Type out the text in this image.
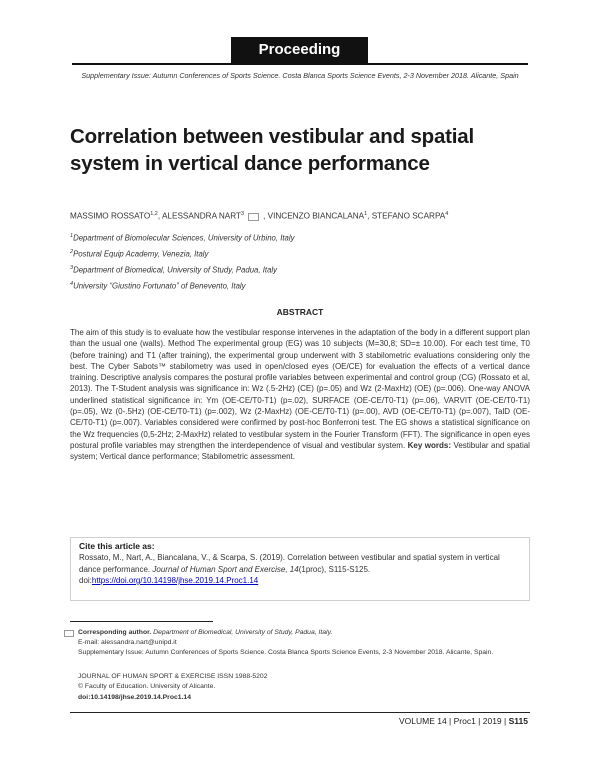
Proceeding
Supplementary Issue: Autumn Conferences of Sports Science. Costa Blanca Sports Science Events, 2-3 November 2018. Alicante, Spain
Correlation between vestibular and spatial system in vertical dance performance
MASSIMO ROSSATO$^{1,2}$, ALESSANDRA NART$^3$ , VINCENZO BIANCALANA$^1$, STEFANO SCARPA$^4$
$^1$Department of Biomolecular Sciences, University of Urbino, Italy
$^2$Postural Equip Academy, Venezia, Italy
$^3$Department of Biomedical, University of Study, Padua, Italy
$^4$University “Giustino Fortunato” of Benevento, Italy
ABSTRACT
The aim of this study is to evaluate how the vestibular response intervenes in the adaptation of the body in a different support plan than the usual one (walls). Method The experimental group (EG) was 10 subjects (M=30,8; SD=± 10.00). For each test time, T0 (before training) and T1 (after training), the experimental group underwent with 3 stabilometric evaluations considering only the best. The Cyber Sabots™ stabilometry was used in open/closed eyes (OE/CE) for evaluation the effects of a vertical dance training. Descriptive analysis compares the postural profile variables between experimental and control group (CG) (Rossato et al, 2013). The T-Student analysis was significance in: Wz (.5-2Hz) (CE) (p=.05) and Wz (2-MaxHz) (OE) (p=.006). One-way ANOVA underlined statistical significance in: Ym (OE-CE/T0-T1) (p=.02), SURFACE (OE-CE/T0-T1) (p=.06), VARVIT (OE-CE/T0-T1) (p=.05), Wz (0-.5Hz) (OE-CE/T0-T1) (p=.002), Wz (2-MaxHz) (OE-CE/T0-T1) (p=.00), AVD (OE-CE/T0-T1) (p=.007), TalD (OE-CE/T0-T1) (p=.007). Variables considered were confirmed by post-hoc Bonferroni test. The EG shows a statistical significance on the Wz frequencies (0,5-2Hz; 2-MaxHz) related to vestibular system in the Fourier Transform (FFT). The significance in open eyes postural profile variables may strengthen the interdependence of visual and vestibular system. Key words: Vestibular and spatial system; Vertical dance performance; Stabilometric assessment.
Cite this article as:
Rossato, M., Nart, A., Biancalana, V., & Scarpa, S. (2019). Correlation between vestibular and spatial system in vertical dance performance. Journal of Human Sport and Exercise, 14(1proc), S115-S125. doi:https://doi.org/10.14198/jhse.2019.14.Proc1.14
Corresponding author. Department of Biomedical, University of Study, Padua, Italy.
E-mail: alessandra.nart@unipd.it
Supplementary Issue: Autumn Conferences of Sports Science. Costa Blanca Sports Science Events, 2-3 November 2018. Alicante, Spain.
JOURNAL OF HUMAN SPORT & EXERCISE ISSN 1988-5202
© Faculty of Education. University of Alicante.
doi:10.14198/jhse.2019.14.Proc1.14
VOLUME 14 | Proc1 | 2019 | S115
